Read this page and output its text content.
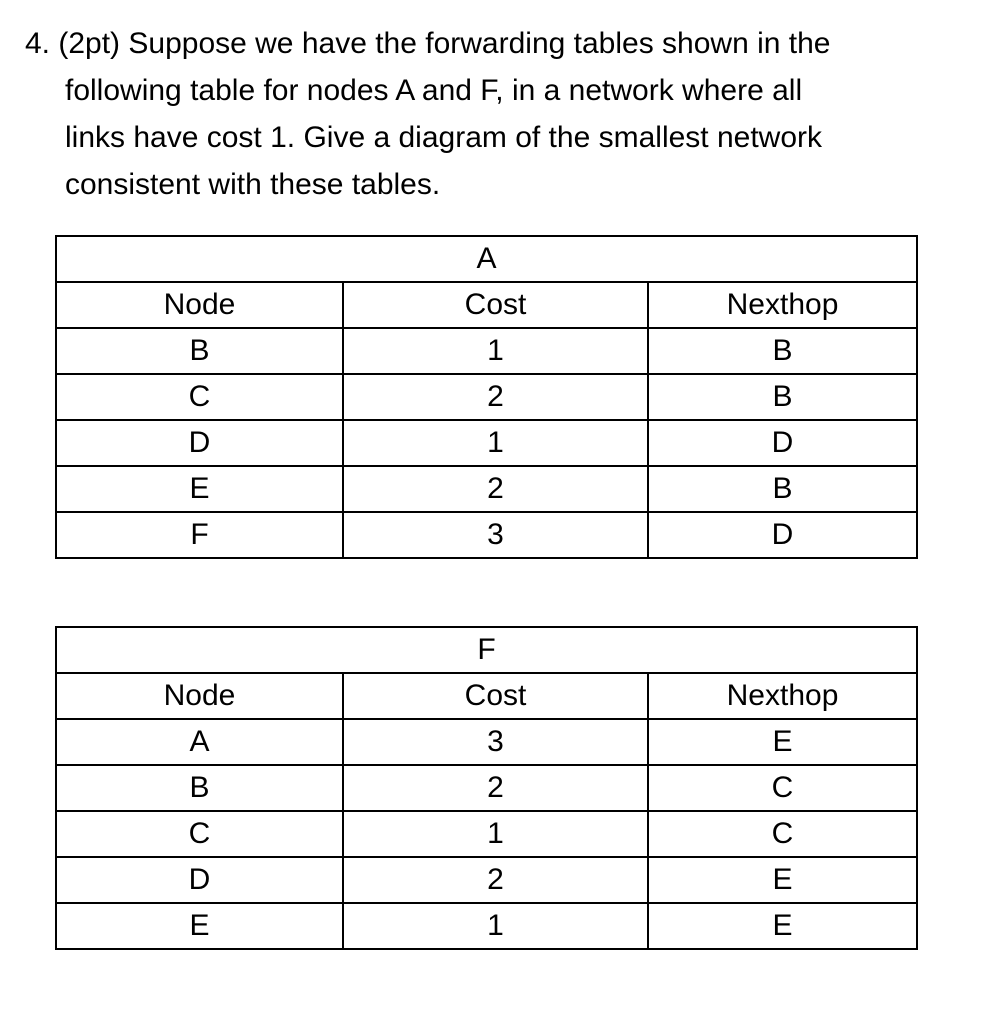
4. (2pt) Suppose we have the forwarding tables shown in the
following table for nodes A and F, in a network where all
links have cost 1. Give a diagram of the smallest network
consistent with these tables.
A		
Node	Cost	Nexthop
B	1	B
C	2	B
D	1	D
E	2	B
F	3	D
F		
Node	Cost	Nexthop
A	3	E
B	2	C
C	1	C
D	2	E
E	1	E
